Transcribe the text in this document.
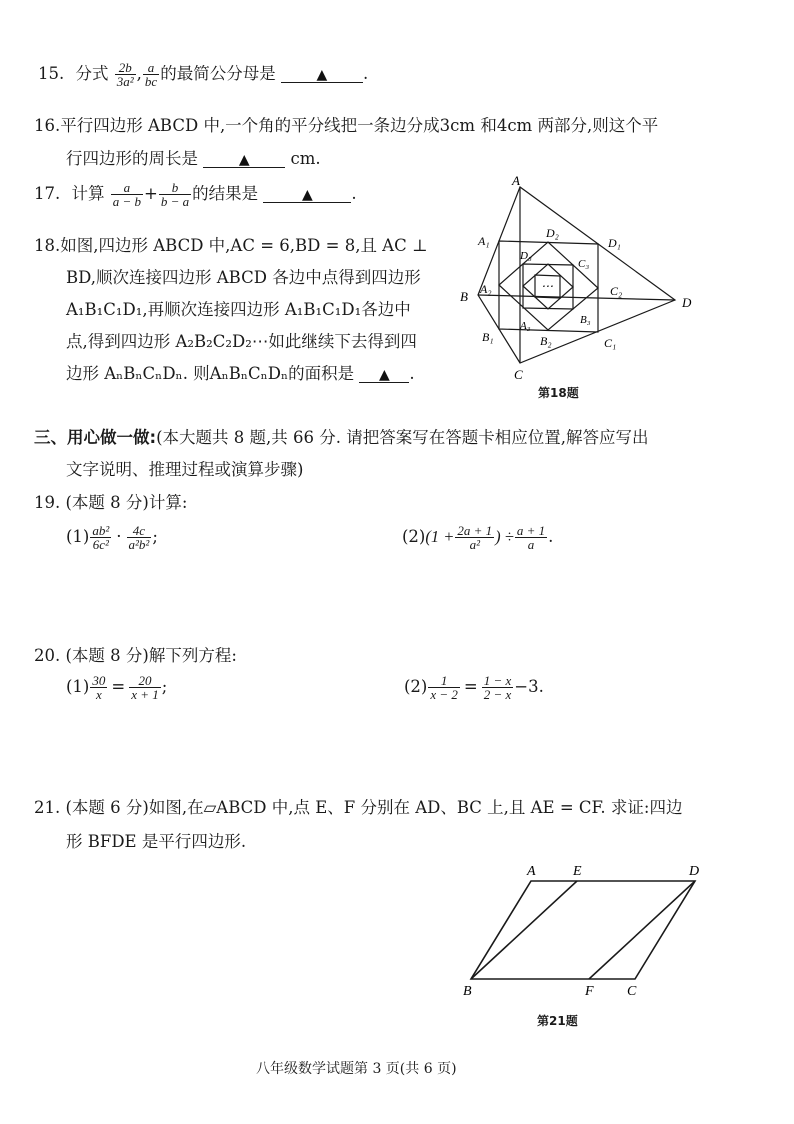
15. 分式 $\frac{2b}{\text{3a²}}$ , $\frac{a}{bc}$ 的最简公分母是	▲ .
16.平行四边形 ABCD 中,一个角的平分线把一条边分成3cm 和4cm 两部分,则这个平
行四边形的周长是	▲ cm.
17. 计算 $\frac{a}{a - b} + \frac{b}{b - a}$ 的结果是	▲ .
18.如图,四边形 ABCD 中,AC = 6,BD = 8,且 AC ⊥
BD,顺次连接四边形 ABCD 各边中点得到四边形
A₁B₁C₁D₁,再顺次连接四边形 A₁B₁C₁D₁各边中
点,得到四边形 A₂B₂C₂D₂⋯如此继续下去得到四
边形 AₙBₙCₙDₙ. 则AₙBₙCₙDₙ的面积是 ▲ .
A
B
C
D
A₁
B₁	C₁
D₁
A₂
B₂
C₂
D₂
A₃	B₃
C₃
D₃
⋯
第18题
三、用心做一做:(本大题共 8 题,共 66 分. 请把答案写在答题卡相应位置,解答应写出
文字说明、推理过程或演算步骤)
19. (本题 8 分)计算:
$(1) \frac{\text{ab²}}{\text{6c²}} \cdot \frac{4c}{\text{a²b²}}$ ;	$(2)(1 + \frac{2a + 1}{\text{a²}}$ ) ÷ $\frac{a + 1}{a}$ .
20. (本题 8 分)解下列方程:
$(1) \frac{30}{x} = \frac{20}{x + 1}$ ;	$(2) \frac{1}{x - 2} = \frac{1 - x}{2 - x} -3$.
21. (本题 6 分)如图,在▱ABCD 中,点 E、F 分别在 AD、BC 上,且 AE = CF. 求证:四边
形 BFDE 是平行四边形.
A	E	D
B	F C
第21题
八年级数学试题第 3 页(共 6 页)
